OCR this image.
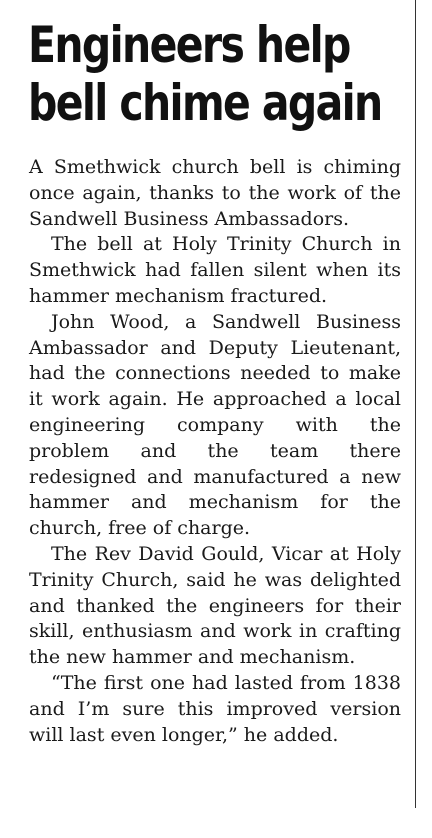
Engineers help
bell chime again

A Smethwick church bell is chiming once again, thanks to the work of the Sandwell Business Ambassadors.

The bell at Holy Trinity Church in Smethwick had fallen silent when its hammer mechanism fractured.

John Wood, a Sandwell Business Ambassador and Deputy Lieutenant, had the connections needed to make it work again. He approached a local engineering company with the problem and the team there redesigned and manufactured a new hammer and mechanism for the church, free of charge.

The Rev David Gould, Vicar at Holy Trinity Church, said he was delighted and thanked the engineers for their skill, enthusiasm and work in crafting the new hammer and mechanism.

“The first one had lasted from 1838 and I’m sure this improved version will last even longer,” he added.
